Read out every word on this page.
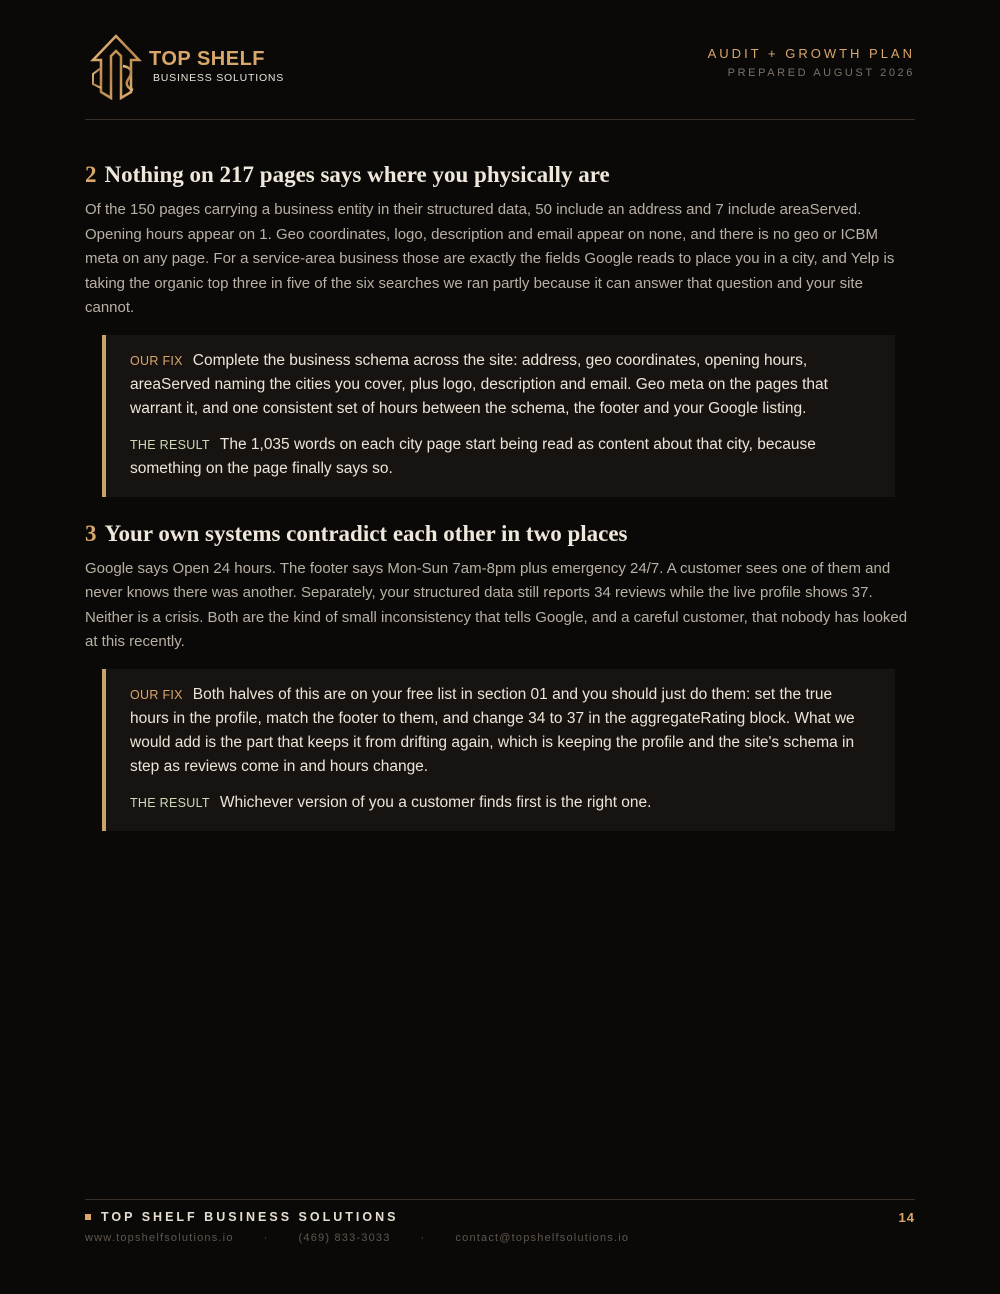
TOP SHELF
BUSINESS SOLUTIONS
AUDIT + GROWTH PLAN
PREPARED AUGUST 2026
2 Nothing on 217 pages says where you physically are

Of the 150 pages carrying a business entity in their structured data, 50 include an address and 7 include areaServed. Opening hours appear on 1. Geo coordinates, logo, description and email appear on none, and there is no geo or ICBM meta on any page. For a service-area business those are exactly the fields Google reads to place you in a city, and Yelp is taking the organic top three in five of the six searches we ran partly because it can answer that question and your site cannot.

OUR FIX Complete the business schema across the site: address, geo coordinates, opening hours, areaServed naming the cities you cover, plus logo, description and email. Geo meta on the pages that warrant it, and one consistent set of hours between the schema, the footer and your Google listing.

THE RESULT The 1,035 words on each city page start being read as content about that city, because something on the page finally says so.

3 Your own systems contradict each other in two places

Google says Open 24 hours. The footer says Mon-Sun 7am-8pm plus emergency 24/7. A customer sees one of them and never knows there was another. Separately, your structured data still reports 34 reviews while the live profile shows 37. Neither is a crisis. Both are the kind of small inconsistency that tells Google, and a careful customer, that nobody has looked at this recently.

OUR FIX Both halves of this are on your free list in section 01 and you should just do them: set the true hours in the profile, match the footer to them, and change 34 to 37 in the aggregateRating block. What we would add is the part that keeps it from drifting again, which is keeping the profile and the site's schema in step as reviews come in and hours change.

THE RESULT Whichever version of you a customer finds first is the right one.

TOP SHELF BUSINESS SOLUTIONS	14
www.topshelfsolutions.io	·	(469) 833-3033	·	contact@topshelfsolutions.io
